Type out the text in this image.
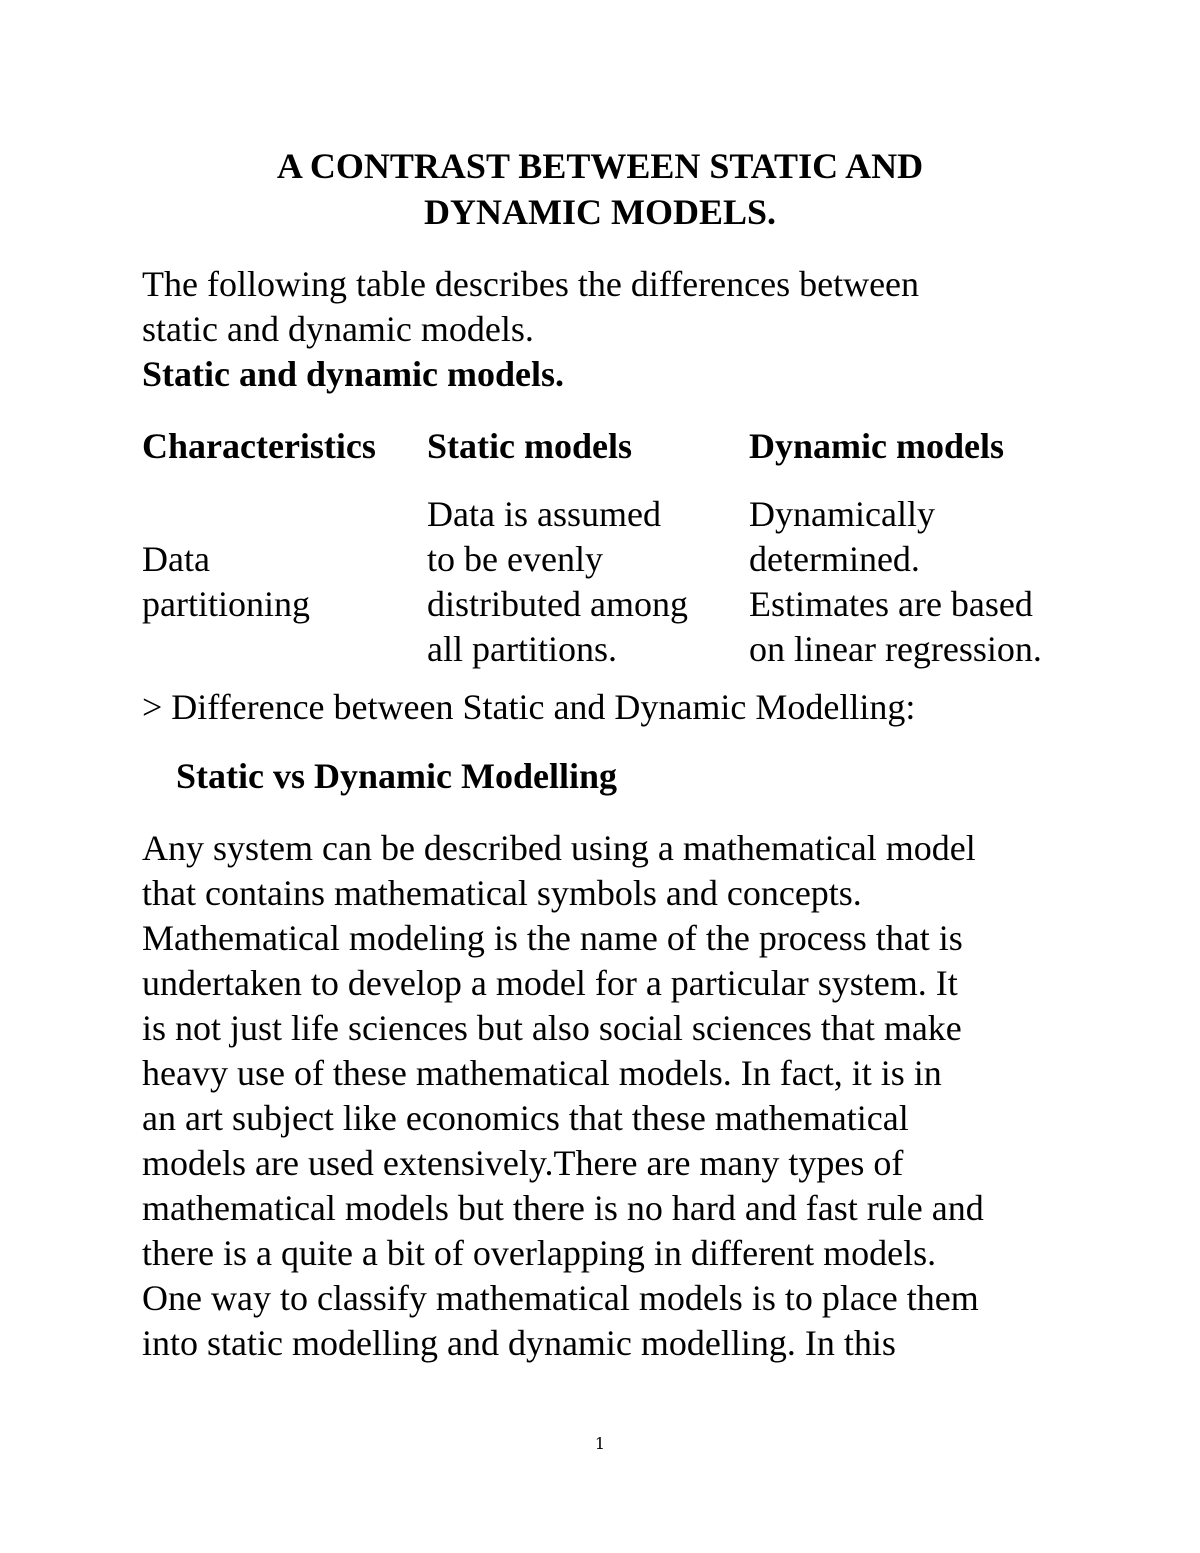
A CONTRAST BETWEEN STATIC AND
DYNAMIC MODELS.

The following table describes the differences between

static and dynamic models.

Static and dynamic models.

Characteristics Static models	Dynamic models
Data
partitioning
Data is assumed
to be evenly
distributed among
all partitions.
Dynamically
determined.
Estimates are based
on linear regression.

> Difference between Static and Dynamic Modelling:

Static vs Dynamic Modelling

Any system can be described using a mathematical model

that contains mathematical symbols and concepts.

Mathematical modeling is the name of the process that is

undertaken to develop a model for a particular system. It

is not just life sciences but also social sciences that make

heavy use of these mathematical models. In fact, it is in

an art subject like economics that these mathematical

models are used extensively.There are many types of

mathematical models but there is no hard and fast rule and

there is a quite a bit of overlapping in different models.

One way to classify mathematical models is to place them

into static modelling and dynamic modelling. In this

1
